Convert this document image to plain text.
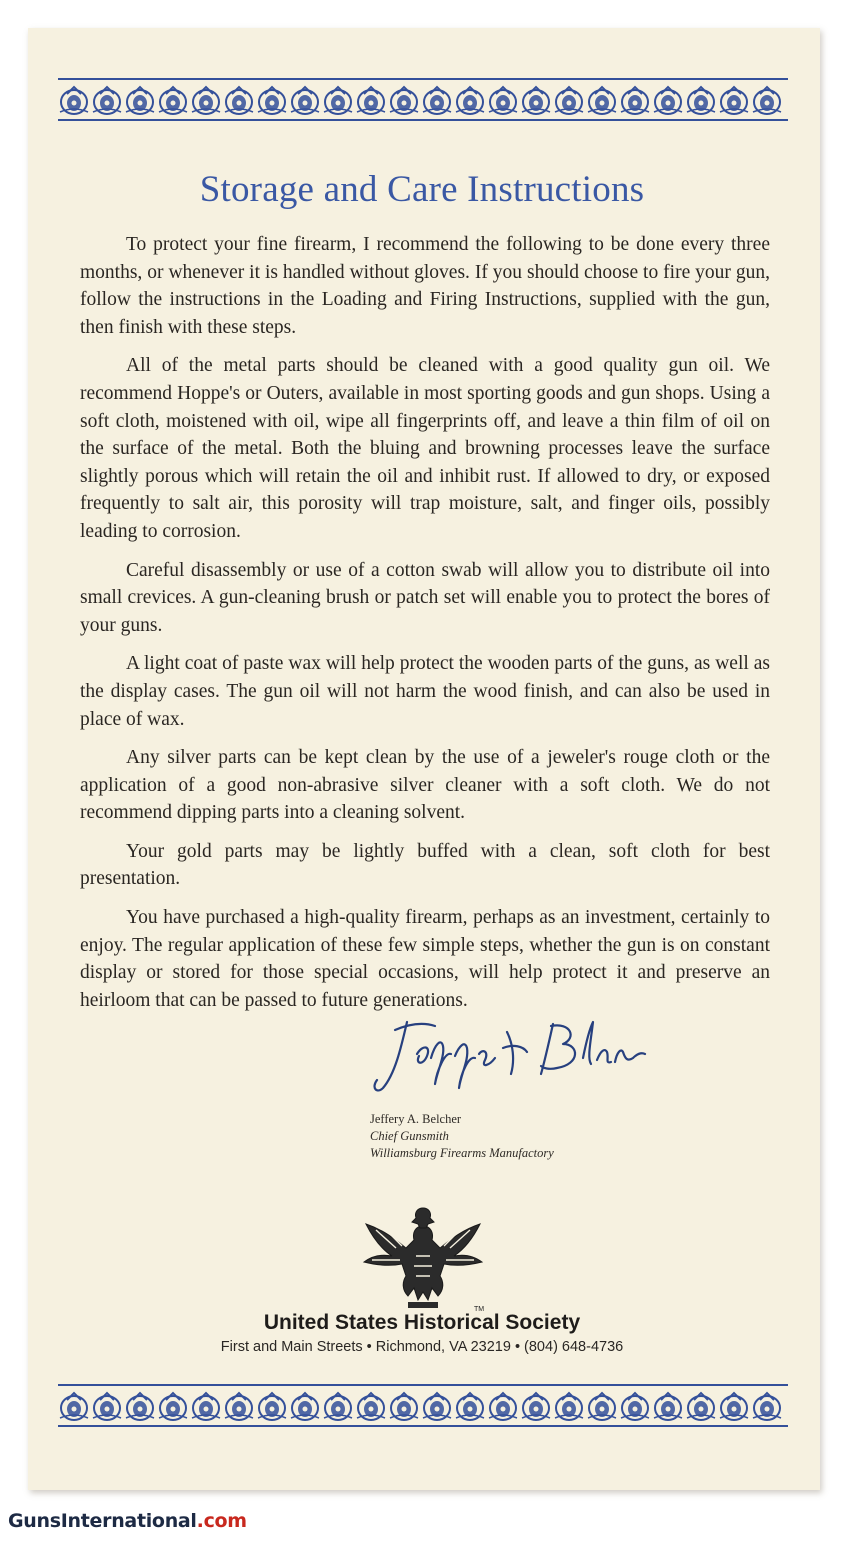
Storage and Care Instructions

To protect your fine firearm, I recommend the following to be done every three months, or whenever it is handled without gloves. If you should choose to fire your gun, follow the instructions in the Loading and Firing Instructions, supplied with the gun, then finish with these steps.

All of the metal parts should be cleaned with a good quality gun oil. We recommend Hoppe's or Outers, available in most sporting goods and gun shops. Using a soft cloth, moistened with oil, wipe all fingerprints off, and leave a thin film of oil on the surface of the metal. Both the bluing and browning processes leave the surface slightly porous which will retain the oil and inhibit rust. If allowed to dry, or exposed frequently to salt air, this porosity will trap moisture, salt, and finger oils, possibly leading to corrosion.

Careful disassembly or use of a cotton swab will allow you to distribute oil into small crevices. A gun-cleaning brush or patch set will enable you to protect the bores of your guns.

A light coat of paste wax will help protect the wooden parts of the guns, as well as the display cases. The gun oil will not harm the wood finish, and can also be used in place of wax.

Any silver parts can be kept clean by the use of a jeweler's rouge cloth or the application of a good non-abrasive silver cleaner with a soft cloth. We do not recommend dipping parts into a cleaning solvent.

Your gold parts may be lightly buffed with a clean, soft cloth for best presentation.

You have purchased a high-quality firearm, perhaps as an investment, certainly to enjoy. The regular application of these few simple steps, whether the gun is on constant display or stored for those special occasions, will help protect it and preserve an heirloom that can be passed to future generations.

Jeffery A. Belcher
Chief Gunsmith
Williamsburg Firearms Manufactory
TM
United States Historical Society
First and Main Streets • Richmond, VA 23219 • (804) 648-4736
GunsInternational.com
